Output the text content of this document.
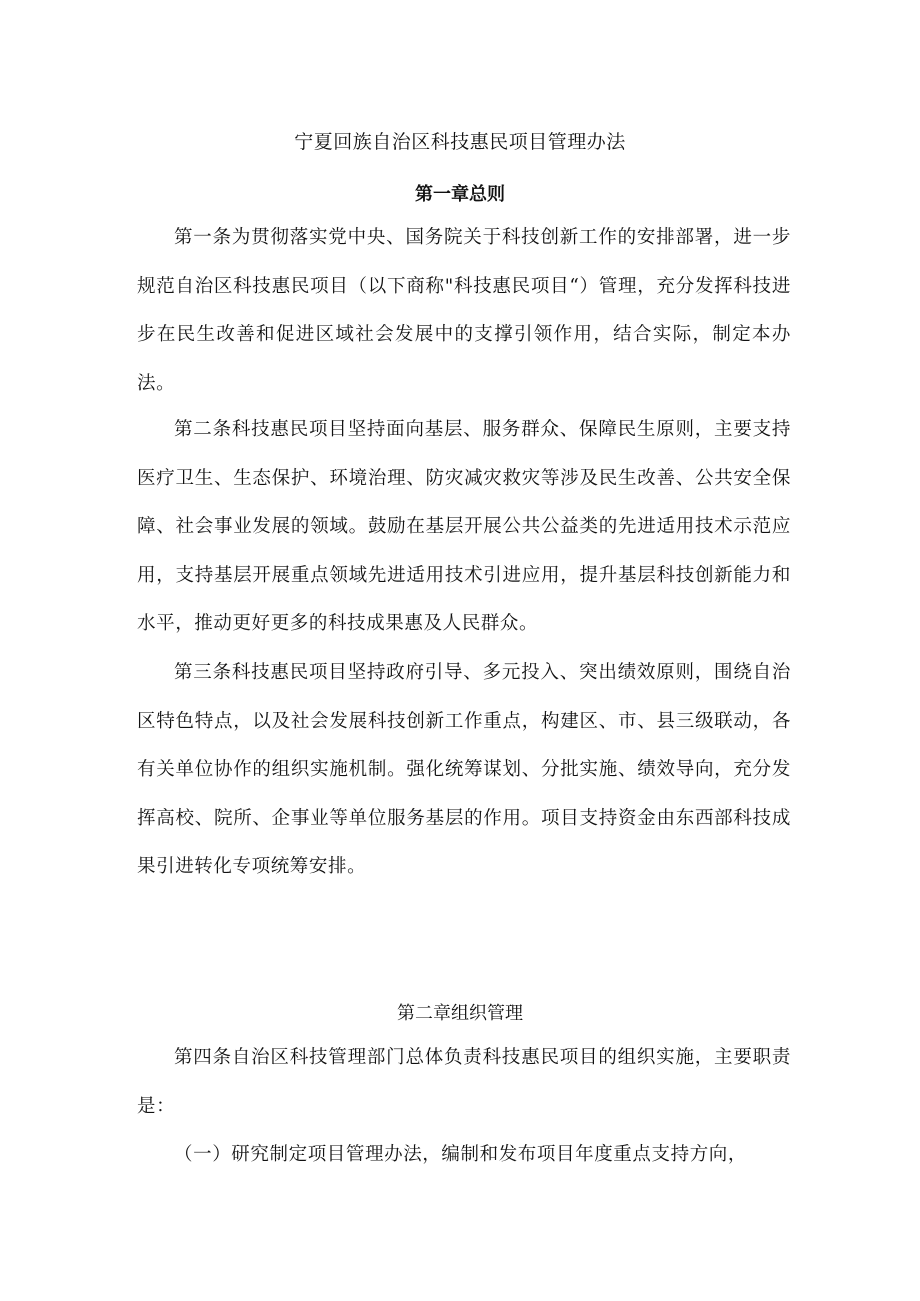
宁夏回族自治区科技惠民项目管理办法
第一章总则

第一条为贯彻落实党中央、国务院关于科技创新工作的安排部署，进一步规范自治区科技惠民项目（以下商称"科技惠民项目“）管理，充分发挥科技进步在民生改善和促进区域社会发展中的支撑引领作用，结合实际，制定本办法。

第二条科技惠民项目坚持面向基层、服务群众、保障民生原则，主要支持医疗卫生、生态保护、环境治理、防灾减灾救灾等涉及民生改善、公共安全保障、社会事业发展的领域。鼓励在基层开展公共公益类的先进适用技术示范应用，支持基层开展重点领域先进适用技术引进应用，提升基层科技创新能力和水平，推动更好更多的科技成果惠及人民群众。

第三条科技惠民项目坚持政府引导、多元投入、突出绩效原则，围绕自治区特色特点，以及社会发展科技创新工作重点，构建区、市、县三级联动，各有关单位协作的组织实施机制。强化统筹谋划、分批实施、绩效导向，充分发挥高校、院所、企事业等单位服务基层的作用。项目支持资金由东西部科技成果引进转化专项统筹安排。

第二章组织管理

第四条自治区科技管理部门总体负责科技惠民项目的组织实施，主要职责是：

（一）研究制定项目管理办法，编制和发布项目年度重点支持方向，
